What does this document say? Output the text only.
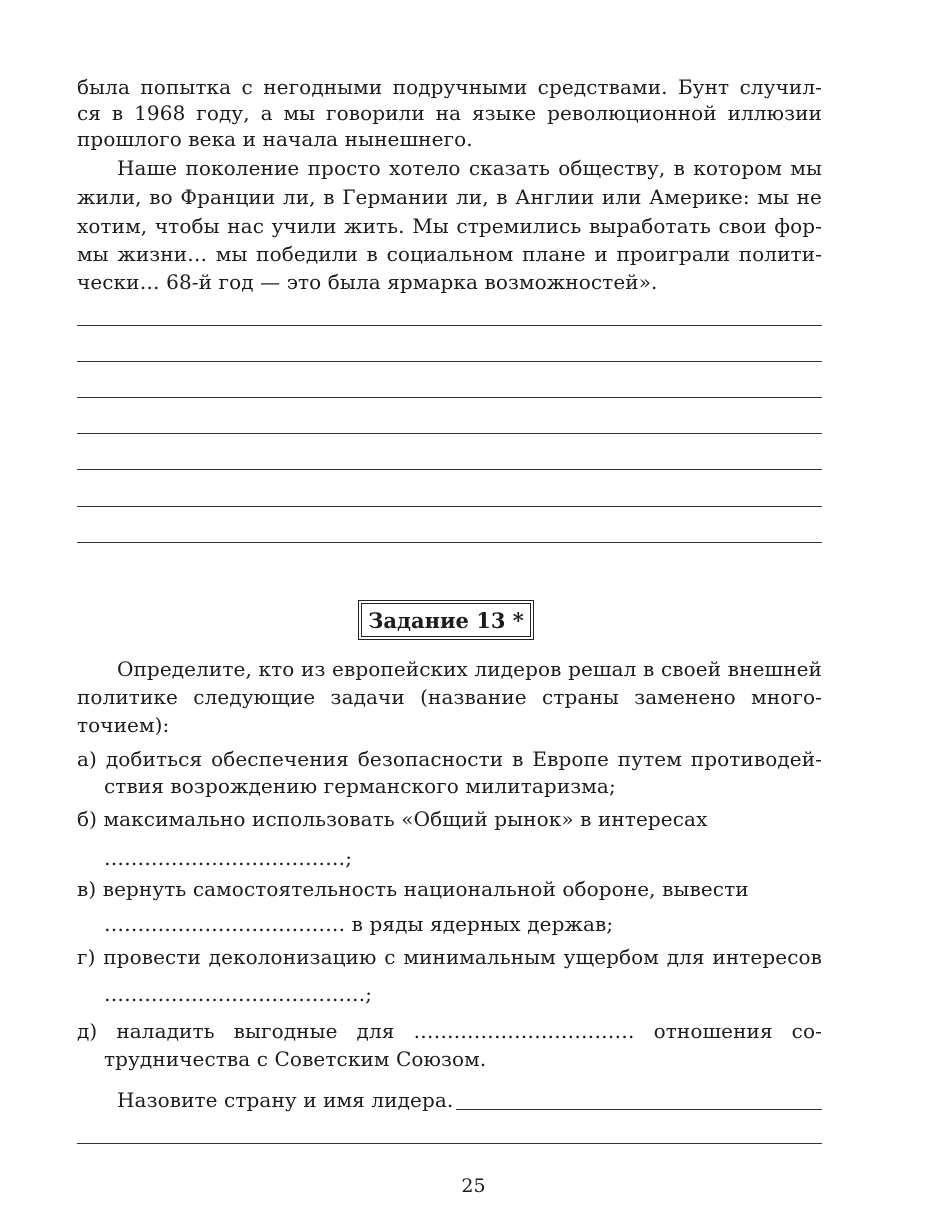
была попытка с негодными подручными средствами. Бунт случил-
ся в 1968 году, а мы говорили на языке революционной иллюзии
прошлого века и начала нынешнего.
Наше поколение просто хотело сказать обществу, в котором мы
жили, во Франции ли, в Германии ли, в Англии или Америке: мы не
хотим, чтобы нас учили жить. Мы стремились выработать свои фор-
мы жизни… мы победили в социальном плане и проиграли полити-
чески… 68-й год — это была ярмарка возможностей».
Задание 13 *
Определите, кто из европейских лидеров решал в своей внешней
политике следующие задачи (название страны заменено много-
точием):
а) добиться обеспечения безопасности в Европе путем противодей-
ствия возрождению германского милитаризма;
б) максимально использовать «Общий рынок» в интересах
………………………………;
в) вернуть самостоятельность национальной обороне, вывести
……………………………… в ряды ядерных держав;
г) провести деколонизацию с минимальным ущербом для интересов
…………………………………;
д) наладить выгодные для …………………………… отношения со-
трудничества с Советским Союзом.
Назовите страну и имя лидера.
25
